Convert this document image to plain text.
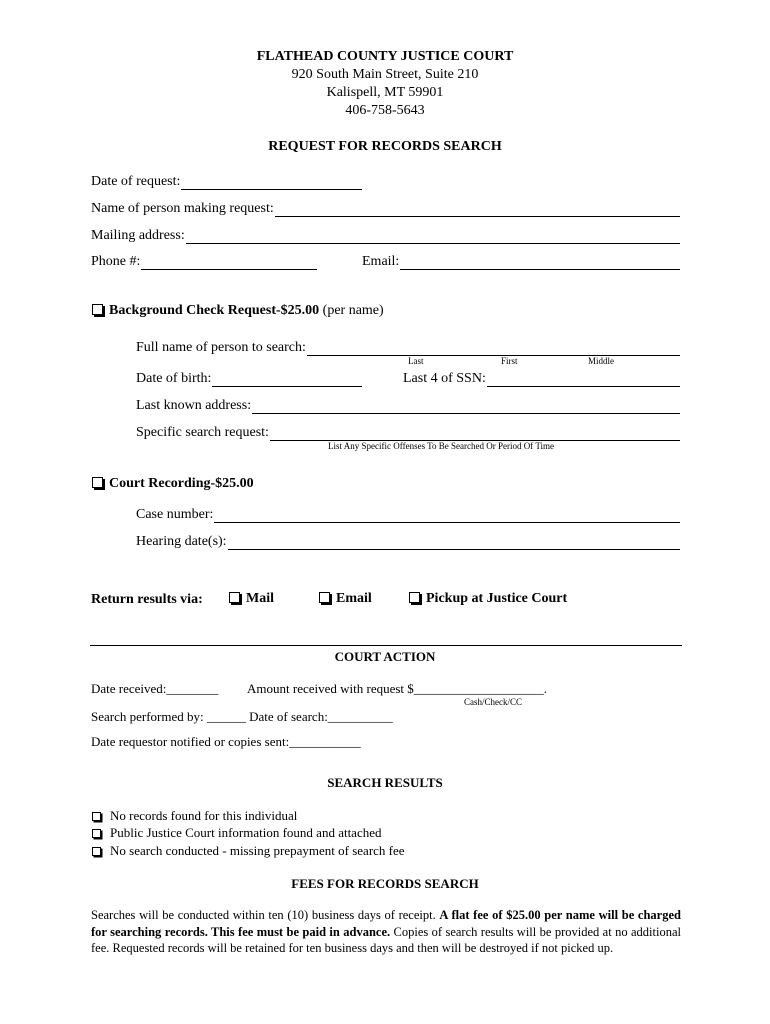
FLATHEAD COUNTY JUSTICE COURT
920 South Main Street, Suite 210
Kalispell, MT 59901
406-758-5643
REQUEST FOR RECORDS SEARCH
Date of request:
Name of person making request:
Mailing address:
Phone #:	Email:
Background Check Request-$25.00 (per name)
Full name of person to search:
Last	First	Middle
Date of birth:	Last 4 of SSN:
Last known address:
Specific search request:
List Any Specific Offenses To Be Searched Or Period Of Time
Court Recording-$25.00
Case number:
Hearing date(s):
Return results via:	Mail	Email	Pickup at Justice Court
COURT ACTION
Date received:________ Amount received with request $____________________.
Cash/Check/CC
Search performed by: ______ Date of search:__________
Date requestor notified or copies sent:___________
SEARCH RESULTS
No records found for this individual
Public Justice Court information found and attached
No search conducted - missing prepayment of search fee
FEES FOR RECORDS SEARCH
Searches will be conducted within ten (10) business days of receipt. A flat fee of $25.00 per name will be charged for searching records. This fee must be paid in advance. Copies of search results will be provided at no additional fee. Requested records will be retained for ten business days and then will be destroyed if not picked up.
